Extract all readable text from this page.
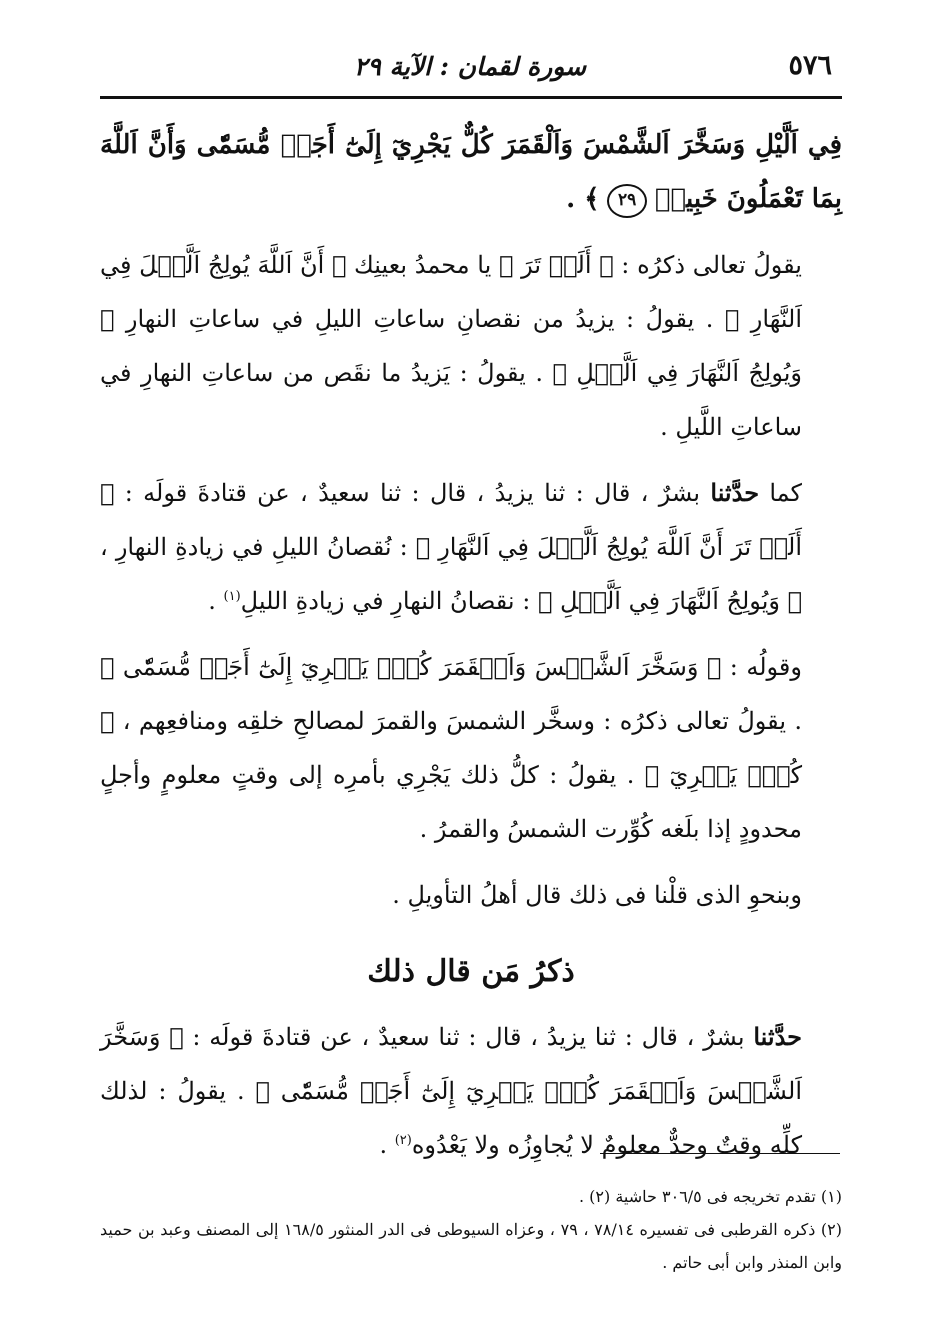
٥٧٦
سورة لقمان : الآية ٢٩

فِي اَلَّيْلِ وَسَخَّرَ اَلشَّمْسَ وَاَلْقَمَرَ كُلٌّ يَجْرِيٓ إِلَىٰٓ أَجَلٖ مُّسَمّٗى وَأَنَّ اَللَّهَ بِمَا تَعْمَلُونَ خَبِيرٞ ٢٩ ﴾ .

يقولُ تعالى ذكرُه : ﴿ أَلَمۡ تَرَ ﴾ يا محمدُ بعينِك ﴿ أَنَّ اَللَّهَ يُولِجُ اَلَّيۡلَ فِي اَلنَّهَارِ ﴾ . يقولُ : يزيدُ من نقصانِ ساعاتِ الليلِ في ساعاتِ النهارِ ﴿ وَيُولِجُ اَلنَّهَارَ فِي اَلَّيۡلِ ﴾ . يقولُ : يَزيدُ ما نقَص من ساعاتِ النهارِ في ساعاتِ اللَّيلِ .

كما حدَّثنا بشرٌ ، قال : ثنا يزيدُ ، قال : ثنا سعيدٌ ، عن قتادةَ قولَه : ﴿ أَلَمۡ تَرَ أَنَّ اَللَّهَ يُولِجُ اَلَّيۡلَ فِي اَلنَّهَارِ ﴾ : نُقصانُ الليلِ في زيادةِ النهارِ ، ﴿ وَيُولِجُ اَلنَّهَارَ فِي اَلَّيۡلِ ﴾ : نقصانُ النهارِ في زيادةِ الليلِ$^{(١)}$ .

وقولُه : ﴿ وَسَخَّرَ اَلشَّمۡسَ وَاَلۡقَمَرَ كُلّٞ يَجۡرِيٓ إِلَىٰٓ أَجَلٖ مُّسَمّٗى ﴾ . يقولُ تعالى ذكرُه : وسخَّر الشمسَ والقمرَ لمصالحِ خلقِه ومنافعِهم ، ﴿ كُلّٞ يَجۡرِيٓ ﴾ . يقولُ : كلُّ ذلك يَجْرِي بأمرِه إلى وقتٍ معلومٍ وأجلٍ محدودٍ إذا بلَغه كُوِّرت الشمسُ والقمرُ .

وبنحوِ الذى قلْنا فى ذلك قال أهلُ التأويلِ .

ذكرُ مَن قال ذلك

حدَّثنا بشرٌ ، قال : ثنا يزيدُ ، قال : ثنا سعيدٌ ، عن قتادةَ قولَه : ﴿ وَسَخَّرَ اَلشَّمۡسَ وَاَلۡقَمَرَ كُلّٞ يَجۡرِيٓ إِلَىٰٓ أَجَلٖ مُّسَمّٗى ﴾ . يقولُ : لذلك كلِّه وقتٌ وحدٌّ معلومٌ لا يُجاوِزُه ولا يَعْدُوه$^{(٢)}$ .

(١) تقدم تخريجه فى ٣٠٦/٥ حاشية (٢) .

(٢) ذكره القرطبى فى تفسيره ٧٨/١٤ ، ٧٩ ، وعزاه السيوطى فى الدر المنثور ١٦٨/٥ إلى المصنف وعبد بن حميد وابن المنذر وابن أبى حاتم .
